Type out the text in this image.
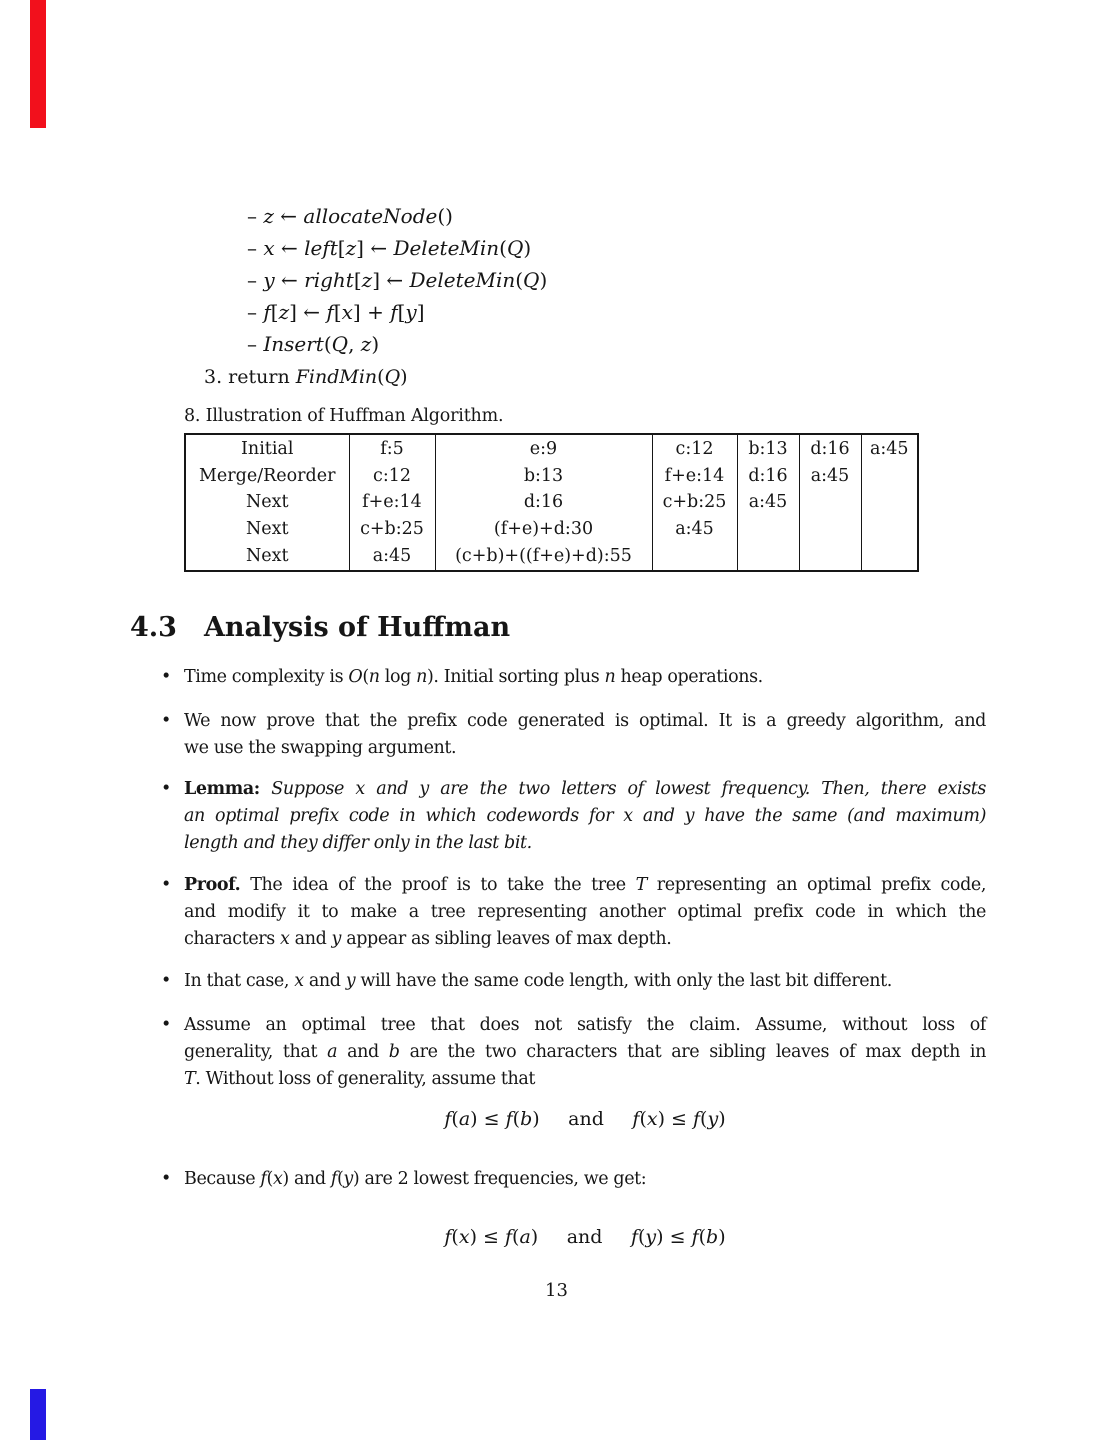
– z ← allocateNode()
– x ← left[z] ← DeleteMin(Q)
– y ← right[z] ← DeleteMin(Q)
– f[z] ← f[x] + f[y]
– Insert(Q, z)
3. return FindMin(Q)
8. Illustration of Huffman Algorithm.
Initial	f:5	e:9	c:12	b:13	d:16	a:45
Merge/Reorder	c:12	b:13	f+e:14	d:16	a:45	
Next	f+e:14	d:16	c+b:25	a:45		
Next	c+b:25	(f+e)+d:30	a:45			
Next	a:45	(c+b)+((f+e)+d):55				
4.3 Analysis of Huffman
• Time complexity is O(n log n). Initial sorting plus n heap operations.
• We now prove that the prefix code generated is optimal. It is a greedy algorithm, and
we use the swapping argument.
• Lemma: Suppose x and y are the two letters of lowest frequency. Then, there exists
an optimal prefix code in which codewords for x and y have the same (and maximum)
length and they differ only in the last bit.
• Proof. The idea of the proof is to take the tree T representing an optimal prefix code,
and modify it to make a tree representing another optimal prefix code in which the
characters x and y appear as sibling leaves of max depth.
• In that case, x and y will have the same code length, with only the last bit different.
• Assume an optimal tree that does not satisfy the claim. Assume, without loss of
generality, that a and b are the two characters that are sibling leaves of max depth in
T. Without loss of generality, assume that
f(a) ≤ f(b)   and   f(x) ≤ f(y)
• Because f(x) and f(y) are 2 lowest frequencies, we get:
f(x) ≤ f(a)   and   f(y) ≤ f(b)
13
